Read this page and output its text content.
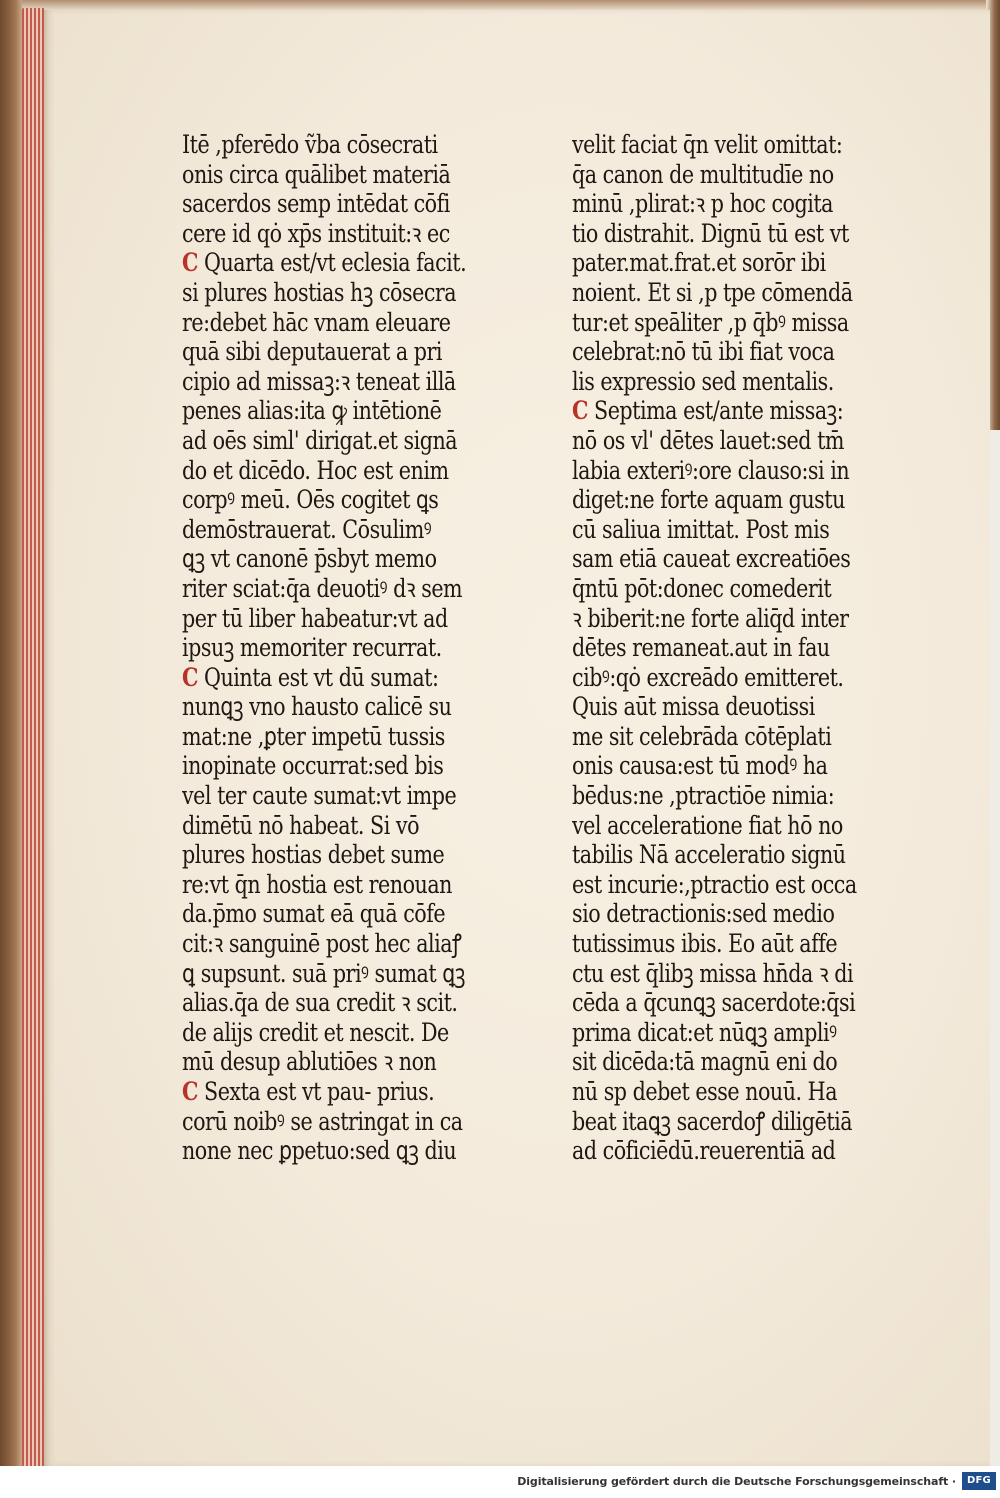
Itē ,pferēdo ṽba cōsecrati
onis circa quālibet materiā
sacerdos semp intēdat cōfi
cere id qȯ xp̄s instituit:ꝛ ec
C Quarta est/vt eclesia facit.
si plures hostias hꝫ cōsecra
re:debet hāc vnam eleuare
quā sibi deputauerat a pri
cipio ad missaꝫ:ꝛ teneat illā
penes alias:ita ꝙ intētionē
ad oēs siml' dirigat.et signā
do et dicēdo. Hoc est enim
corpꝰ meū. Oēs cogitet ꝗs
demōstrauerat. Cōsulimꝰ
ꝗꝫ vt canonē p̄sbyt memo
riter sciat:q̄a deuotiꝰ dꝛ sem
per tū liber habeatur:vt ad
ipsuꝫ memoriter recurrat.
C Quinta est vt dū sumat:
nunꝗꝫ vno hausto calicē su
mat:ne ,ꝑter impetū tussis
inopinate occurrat:sed bis
vel ter caute sumat:vt impe
dimētū nō habeat. Si vō
plures hostias debet sume
re:vt q̄n hostia est renouan
da.p̄mo sumat eā quā cōfe
cit:ꝛ sanguinē post hec aliaꝭ
ꝗ supsunt. suā priꝰ sumat ꝗꝫ
alias.q̄a de sua credit ꝛ scit.
de alijs credit et nescit. De
mū desup ablutiōes ꝛ non
C Sexta est vt pau- prius.
corū noibꝰ se astringat in ca
none nec ꝑpetuo:sed ꝗꝫ diu
velit faciat q̄n velit omittat:
q̄a canon de multitudīe no
minū ,plirat:ꝛ p hoc cogita
tio distrahit. Dignū tū est vt
pater.mat.frat.et sorōr ibi
noient. Et si ,p tpe cōmendā
tur:et speāliter ,p q̄bꝰ missa
celebrat:nō tū ibi fiat voca
lis expressio sed mentalis.
C Septima est/ante missaꝫ:
nō os vl' dētes lauet:sed tm̄
labia exteriꝰ:ore clauso:si in
diget:ne forte aquam gustu
cū saliua imittat. Post mis
sam etiā caueat excreatiōes
q̄ntū pōt:donec comederit
ꝛ biberit:ne forte aliq̄d inter
dētes remaneat.aut in fau
cibꝰ:qȯ excreādo emitteret.
Quis aūt missa deuotissi
me sit celebrāda cōtēplati
onis causa:est tū modꝰ ha
bēdus:ne ,ptractiōe nimia:
vel acceleratione fiat hō no
tabilis Nā acceleratio signū
est incurie:,ptractio est occa
sio detractionis:sed medio
tutissimus ibis. Eo aūt affe
ctu est q̄libꝫ missa hn̄da ꝛ di
cēda a q̄cunꝗꝫ sacerdote:q̄si
prima dicat:et nūꝗꝫ ampliꝰ
sit dicēda:tā magnū eni do
nū sp debet esse nouū. Ha
beat itaꝗꝫ sacerdoꝭ diligētiā
ad cōficiēdū.reuerentiā ad
Digitalisierung gefördert durch die Deutsche Forschungsgemeinschaft ·	DFG
